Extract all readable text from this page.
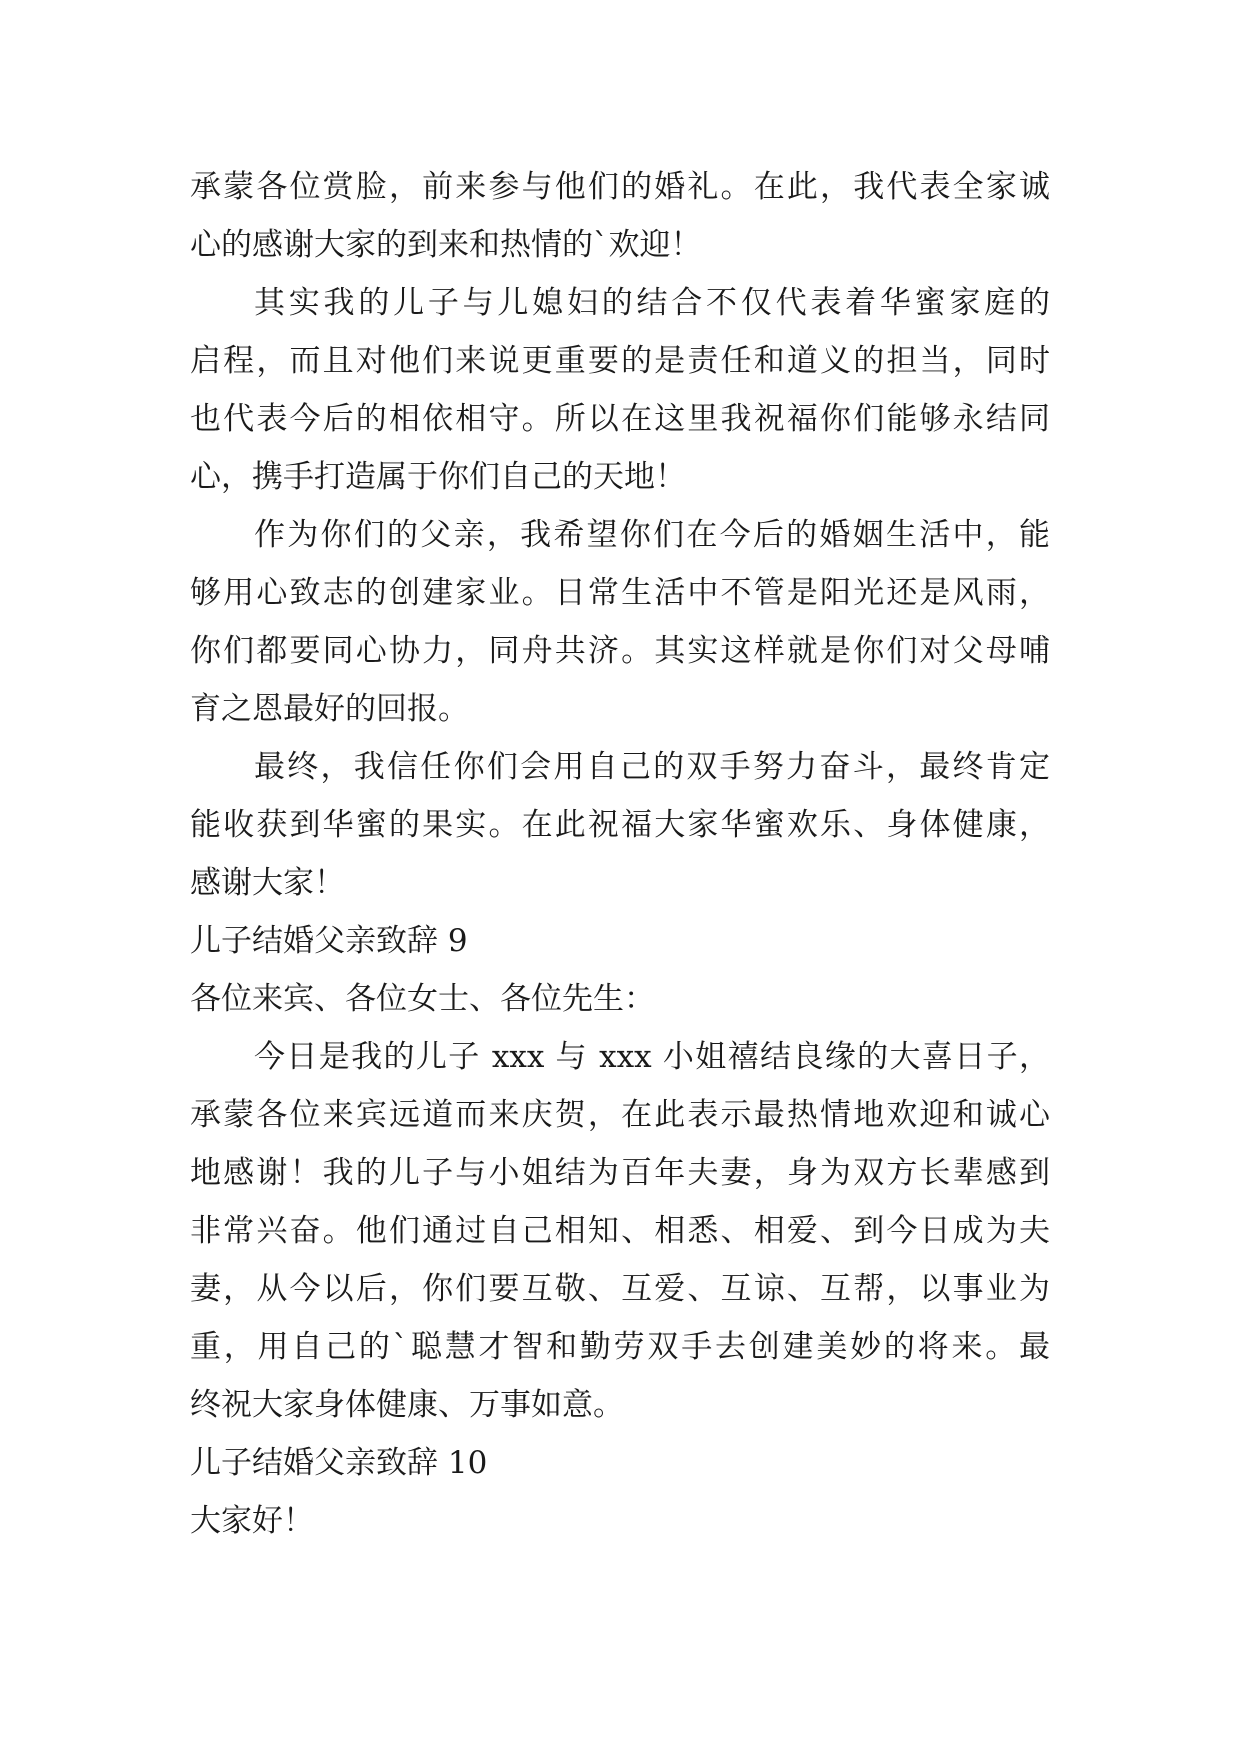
承蒙各位赏脸，前来参与他们的婚礼。在此，我代表全家诚
心的感谢大家的到来和热情的`欢迎！
其实我的儿子与儿媳妇的结合不仅代表着华蜜家庭的
启程，而且对他们来说更重要的是责任和道义的担当，同时
也代表今后的相依相守。所以在这里我祝福你们能够永结同
心，携手打造属于你们自己的天地！
作为你们的父亲，我希望你们在今后的婚姻生活中，能
够用心致志的创建家业。日常生活中不管是阳光还是风雨，
你们都要同心协力，同舟共济。其实这样就是你们对父母哺
育之恩最好的回报。
最终，我信任你们会用自己的双手努力奋斗，最终肯定
能收获到华蜜的果实。在此祝福大家华蜜欢乐、身体健康，
感谢大家！
儿子结婚父亲致辞 9
各位来宾、各位女士、各位先生：
今日是我的儿子 xxx 与 xxx 小姐禧结良缘的大喜日子，
承蒙各位来宾远道而来庆贺，在此表示最热情地欢迎和诚心
地感谢！我的儿子与小姐结为百年夫妻，身为双方长辈感到
非常兴奋。他们通过自己相知、相悉、相爱、到今日成为夫
妻，从今以后，你们要互敬、互爱、互谅、互帮，以事业为
重，用自己的`聪慧才智和勤劳双手去创建美妙的将来。最
终祝大家身体健康、万事如意。
儿子结婚父亲致辞 10
大家好！
